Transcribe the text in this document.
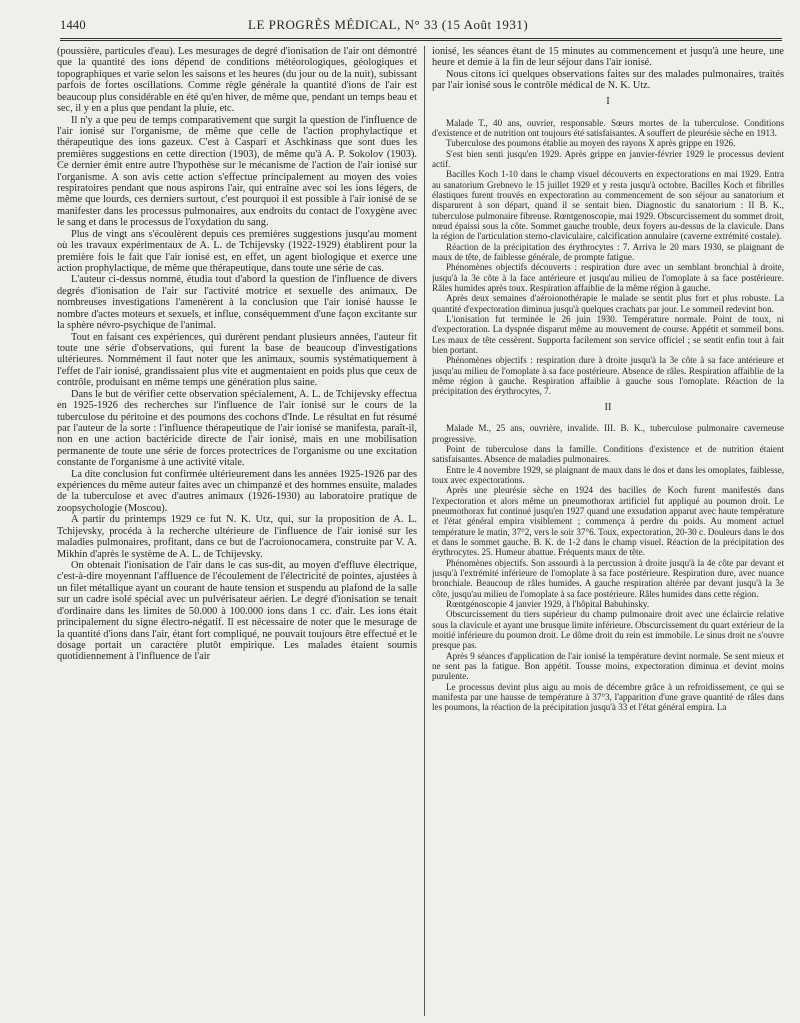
1440	LE PROGRÈS MÉDICAL, N° 33 (15 Août 1931)

(poussière, particules d'eau). Les mesurages de degré d'ionisation de l'air ont démontré que la quantité des ions dépend de conditions météorologiques, géologiques et topographiques et varie selon les saisons et les heures (du jour ou de la nuit), subissant parfois de fortes oscillations. Comme règle générale la quantité d'ions de l'air est beaucoup plus considérable en été qu'en hiver, de même que, pendant un temps beau et sec, il y en a plus que pendant la pluie, etc.

Il n'y a que peu de temps comparativement que surgit la question de l'influence de l'air ionisé sur l'organisme, de même que celle de l'action prophylactique et thérapeutique des ions gazeux. C'est à Caspari et Aschkinass que sont dues les premières suggestions en cette direction (1903), de même qu'à A. P. Sokolov (1903). Ce dernier émit entre autre l'hypothèse sur le mécanisme de l'action de l'air ionisé sur l'organisme. A son avis cette action s'effectue principalement au moyen des voies respiratoires pendant que nous aspirons l'air, qui entraîne avec soi les ions légers, de même que lourds, ces derniers surtout, c'est pourquoi il est possible à l'air ionisé de se manifester dans les processus pulmonaires, aux endroits du contact de l'oxygène avec le sang et dans le processus de l'oxydation du sang.

Plus de vingt ans s'écoulèrent depuis ces premières suggestions jusqu'au moment où les travaux expérimentaux de A. L. de Tchijevsky (1922-1929) établirent pour la première fois le fait que l'air ionisé est, en effet, un agent biologique et exerce une action prophylactique, de même que thérapeutique, dans toute une série de cas.

L'auteur ci-dessus nommé, étudia tout d'abord la question de l'influence de divers degrés d'ionisation de l'air sur l'activité motrice et sexuelle des animaux. De nombreuses investigations l'amenèrent à la conclusion que l'air ionisé hausse le nombre d'actes moteurs et sexuels, et influe, conséquemment d'une façon excitante sur la sphère névro-psychique de l'animal.

Tout en faisant ces expériences, qui durèrent pendant plusieurs années, l'auteur fit toute une série d'observations, qui furent la base de beaucoup d'investigations ultérieures. Nommément il faut noter que les animaux, soumis systématiquement à l'effet de l'air ionisé, grandissaient plus vite et augmentaient en poids plus que ceux de contrôle, produisant en même temps une génération plus saine.

Dans le but de vérifier cette observation spécialement, A. L. de Tchijevsky effectua en 1925-1926 des recherches sur l'influence de l'air ionisé sur le cours de la tuberculose du péritoine et des poumons des cochons d'Inde. Le résultat en fut résumé par l'auteur de la sorte : l'influence thérapeutique de l'air ionisé se manifesta, paraît-il, non en une action bactéricide directe de l'air ionisé, mais en une mobilisation permanente de toute une série de forces protectrices de l'organisme ou une excitation constante de l'organisme à une activité vitale.

La dite conclusion fut confirmée ultérieurement dans les années 1925-1926 par des expériences du même auteur faites avec un chimpanzé et des hommes ensuite, malades de la tuberculose et avec d'autres animaux (1926-1930) au laboratoire pratique de zoopsychologie (Moscou).

A partir du printemps 1929 ce fut N. K. Utz, qui, sur la proposition de A. L. Tchijevsky, procéda à la recherche ultérieure de l'influence de l'air ionisé sur les maladies pulmonaires, profitant, dans ce but de l'acroionocamera, construite par V. A. Mikhin d'après le système de A. L. de Tchijevsky.

On obtenait l'ionisation de l'air dans le cas sus-dit, au moyen d'effluve électrique, c'est-à-dire moyennant l'affluence de l'écoulement de l'électricité de pointes, ajustées à un filet métallique ayant un courant de haute tension et suspendu au plafond de la salle sur un cadre isolé spécial avec un pulvérisateur aérien. Le degré d'ionisation se tenait d'ordinaire dans les limites de 50.000 à 100.000 ions dans 1 cc. d'air. Les ions était principalement du signe électro-négatif. Il est nécessaire de noter que le mesurage de la quantité d'ions dans l'air, étant fort compliqué, ne pouvait toujours être effectué et le dosage portait un caractère plutôt empirique. Les malades étaient soumis quotidiennement à l'influence de l'air

ionisé, les séances étant de 15 minutes au commencement et jusqu'à une heure, une heure et demie à la fin de leur séjour dans l'air ionisé.

Nous citons ici quelques observations faites sur des malades pulmonaires, traités par l'air ionisé sous le contrôle médical de N. K. Utz.

I

Malade T., 40 ans, ouvrier, responsable. Sœurs mortes de la tuberculose. Conditions d'existence et de nutrition ont toujours été satisfaisantes. A souffert de pleurésie sèche en 1913.

Tuberculose des poumons établie au moyen des rayons X après grippe en 1926.

S'est bien senti jusqu'en 1929. Après grippe en janvier-février 1929 le processus devient actif.

Bacilles Koch 1-10 dans le champ visuel découverts en expectorations en mai 1929. Entra au sanatorium Grebnevo le 15 juillet 1929 et y resta jusqu'à octobre. Bacilles Koch et fibrilles élastiques furent trouvés en expectoration au commencement de son séjour au sanatorium et disparurent à son départ, quand il se sentait bien. Diagnostic du sanatorium : II B. K., tuberculose pulmonaire fibreuse. Rœntgenoscopie, mai 1929. Obscurcissement du sommet droit, nœud épaissi sous la côte. Sommet gauche trouble, deux foyers au-dessus de la clavicule. Dans la région de l'articulation sterno-claviculaire, calcification annulaire (caverne extrémité costale).

Réaction de la précipitation des érythrocytes : 7. Arriva le 20 mars 1930, se plaignant de maux de tête, de faiblesse générale, de prompte fatigue.

Phénomènes objectifs découverts : respiration dure avec un semblant bronchial à droite, jusqu'à la 3e côte à la face antérieure et jusqu'au milieu de l'omoplate à sa face postérieure. Râles humides après toux. Respiration affaiblie de la même région à gauche.

Après deux semaines d'aéroionothérapie le malade se sentit plus fort et plus robuste. La quantité d'expectoration diminua jusqu'à quelques crachats par jour. Le sommeil redevint bon.

L'ionisation fut terminée le 26 juin 1930. Température normale. Point de toux, ni d'expectoration. La dyspnée disparut même au mouvement de course. Appétit et sommeil bons. Les maux de tête cessèrent. Supporta facilement son service officiel ; se sentit enfin tout à fait bien portant.

Phénomènes objectifs : respiration dure à droite jusqu'à la 3e côte à sa face antérieure et jusqu'au milieu de l'omoplate à sa face postérieure. Absence de râles. Respiration affaiblie de la même région à gauche. Respiration affaiblie à gauche sous l'omoplate. Réaction de la précipitation des érythrocytes, 7.

II

Malade M., 25 ans, ouvrière, invalide. III. B. K., tuberculose pulmonaire caverneuse progressive.

Point de tuberculose dans la famille. Conditions d'existence et de nutrition étaient satisfaisantes. Absence de maladies pulmonaires.

Entre le 4 novembre 1929, se plaignant de maux dans le dos et dans les omoplates, faiblesse, toux avec expectorations.

Après une pleurésie sèche en 1924 des bacilles de Koch furent manifestés dans l'expectoration et alors même un pneumothorax artificiel fut appliqué au poumon droit. Le pneumothorax fut continué jusqu'en 1927 quand une exsudation apparut avec haute température et l'état général empira visiblement ; commença à perdre du poids. Au moment actuel température le matin, 37°2, vers le soir 37°6. Toux, expectoration, 20-30 c. Douleurs dans le dos et dans le sommet gauche. B. K. de 1-2 dans le champ visuel. Réaction de la précipitation des érythrocytes. 25. Humeur abattue. Fréquents maux de tête.

Phénomènes objectifs. Son assourdi à la percussion à droite jusqu'à la 4e côte par devant et jusqu'à l'extrémité inférieure de l'omoplate à sa face postérieure. Respiration dure, avec nuance bronchiale. Beaucoup de râles humides. A gauche respiration altérée par devant jusqu'à la 3e côte, jusqu'au milieu de l'omoplate à sa face postérieure. Râles humides dans cette région.

Rœntgénoscopie 4 janvier 1929, à l'hôpital Babuhinsky.

Obscurcissement du tiers supérieur du champ pulmonaire droit avec une éclaircie relative sous la clavicule et ayant une brusque limite inférieure. Obscurcissement du quart extérieur de la moitié inférieure du poumon droit. Le dôme droit du rein est immobile. Le sinus droit ne s'ouvre presque pas.

Après 9 séances d'application de l'air ionisé la température devint normale. Se sent mieux et ne sent pas la fatigue. Bon appétit. Tousse moins, expectoration diminua et devint moins purulente.

Le processus devint plus aigu au mois de décembre grâce à un refroidissement, ce qui se manifesta par une hausse de température à 37°3, l'apparition d'une grave quantité de râles dans les poumons, la réaction de la précipitation jusqu'à 33 et l'état général empira. La
